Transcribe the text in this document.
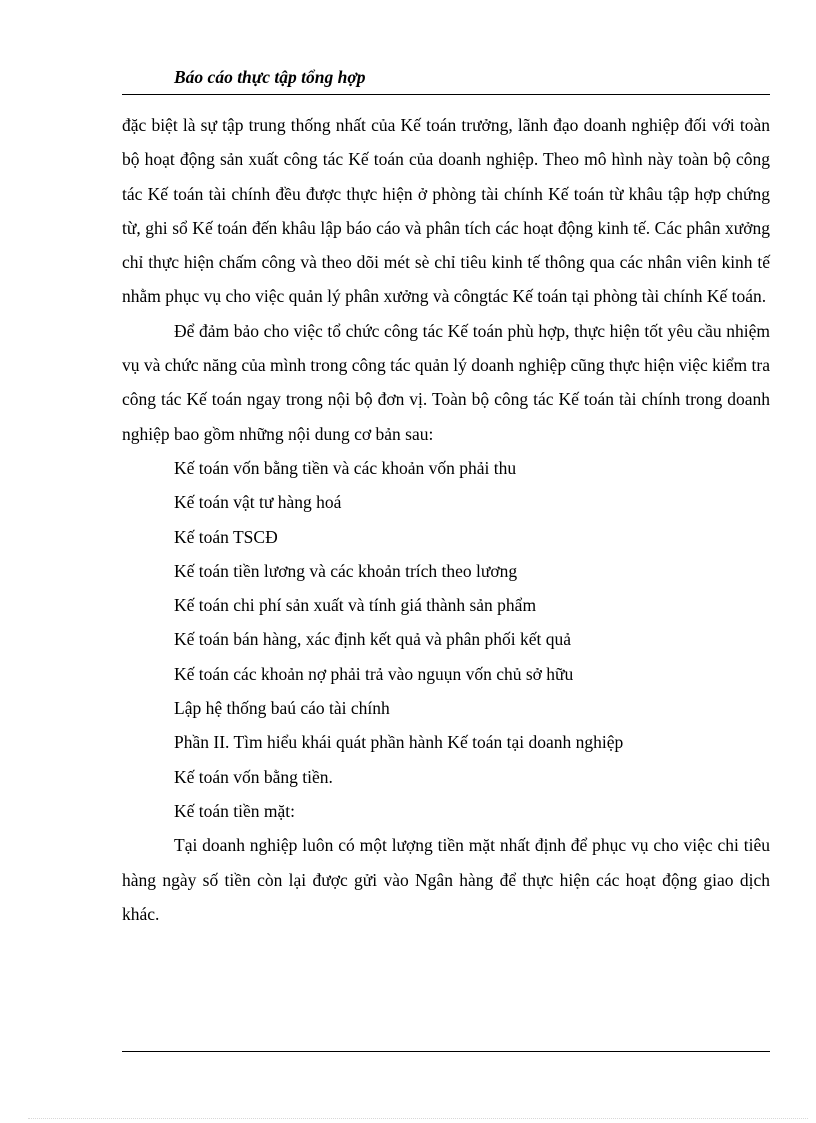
Báo cáo thực tập tổng hợp

đặc biệt là sự tập trung thống nhất của Kế toán trưởng, lãnh đạo doanh nghiệp đối với toàn bộ hoạt động sản xuất công tác Kế toán của doanh nghiệp. Theo mô hình này toàn bộ công tác Kế toán tài chính đều được thực hiện ở phòng tài chính Kế toán từ khâu tập hợp chứng từ, ghi sổ Kế toán đến khâu lập báo cáo và phân tích các hoạt động kinh tế. Các phân xưởng chỉ thực hiện chấm công và theo dõi mét sè chỉ tiêu kinh tế thông qua các nhân viên kinh tế nhằm phục vụ cho việc quản lý phân xưởng và côngtác Kế toán tại phòng tài chính Kế toán.

Để đảm bảo cho việc tổ chức công tác Kế toán phù hợp, thực hiện tốt yêu cầu nhiệm vụ và chức năng của mình trong công tác quản lý doanh nghiệp cũng thực hiện việc kiểm tra công tác Kế toán ngay trong nội bộ đơn vị. Toàn bộ công tác Kế toán tài chính trong doanh nghiệp bao gồm những nội dung cơ bản sau:

Kế toán vốn bằng tiền và các khoản vốn phải thu

Kế toán vật tư hàng hoá

Kế toán TSCĐ

Kế toán tiền lương và các khoản trích theo lương

Kế toán chi phí sản xuất và tính giá thành sản phẩm

Kế toán bán hàng, xác định kết quả và phân phối kết quả

Kế toán các khoản nợ phải trả vào nguụn vốn chủ sở hữu

Lập hệ thống baú cáo tài chính

Phần II. Tìm hiểu khái quát phần hành Kế toán tại doanh nghiệp

Kế toán vốn bằng tiền.

Kế toán tiền mặt:

Tại doanh nghiệp luôn có một lượng tiền mặt nhất định để phục vụ cho việc chi tiêu hàng ngày số tiền còn lại được gửi vào Ngân hàng để thực hiện các hoạt động giao dịch khác.
